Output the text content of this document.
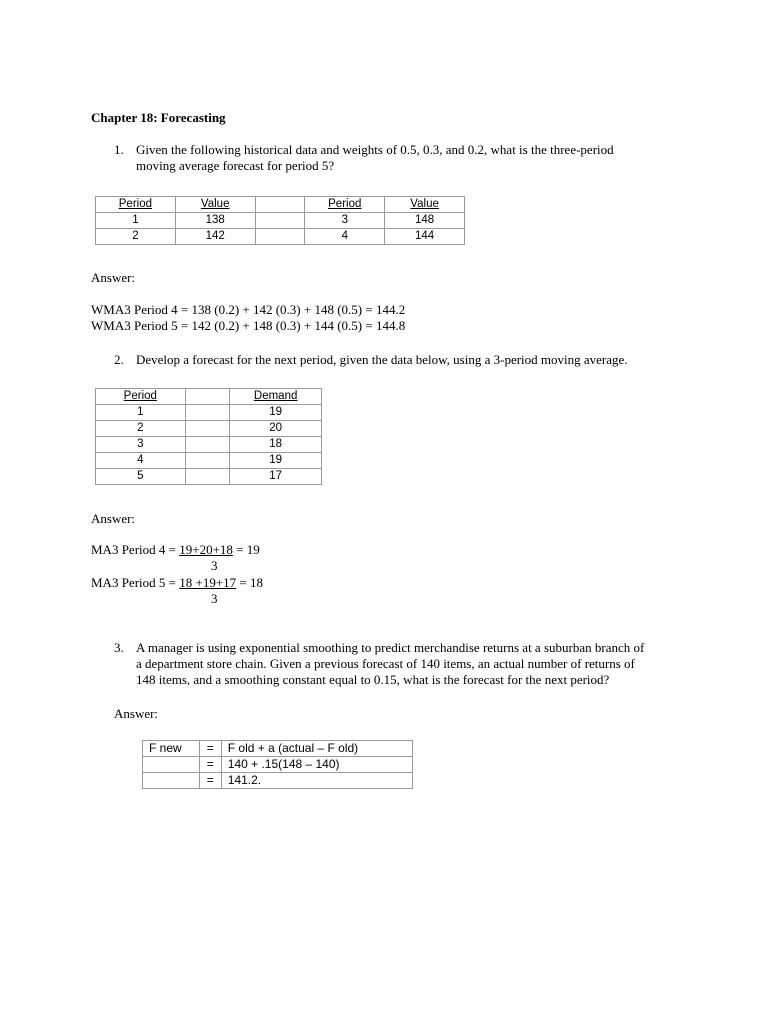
Chapter 18: Forecasting
1. Given the following historical data and weights of 0.5, 0.3, and 0.2, what is the three-period
moving average forecast for period 5?
Period	Value		Period	Value
1	138		3	148
2	142		4	144
Answer:
WMA3 Period 4 = 138 (0.2) + 142 (0.3) + 148 (0.5) = 144.2
WMA3 Period 5 = 142 (0.2) + 148 (0.3) + 144 (0.5) = 144.8
2. Develop a forecast for the next period, given the data below, using a 3-period moving average.
Period		Demand
1		19
2		20
3		18
4		19
5		17
Answer:
MA3 Period 4 = 19+20+18 = 19
3
MA3 Period 5 = 18 +19+17 = 18
3
3. A manager is using exponential smoothing to predict merchandise returns at a suburban branch of
a department store chain. Given a previous forecast of 140 items, an actual number of returns of
148 items, and a smoothing constant equal to 0.15, what is the forecast for the next period?
Answer:
F new	=	F old + a (actual – F old)
	=	140 + .15(148 – 140)
	=	141.2.
